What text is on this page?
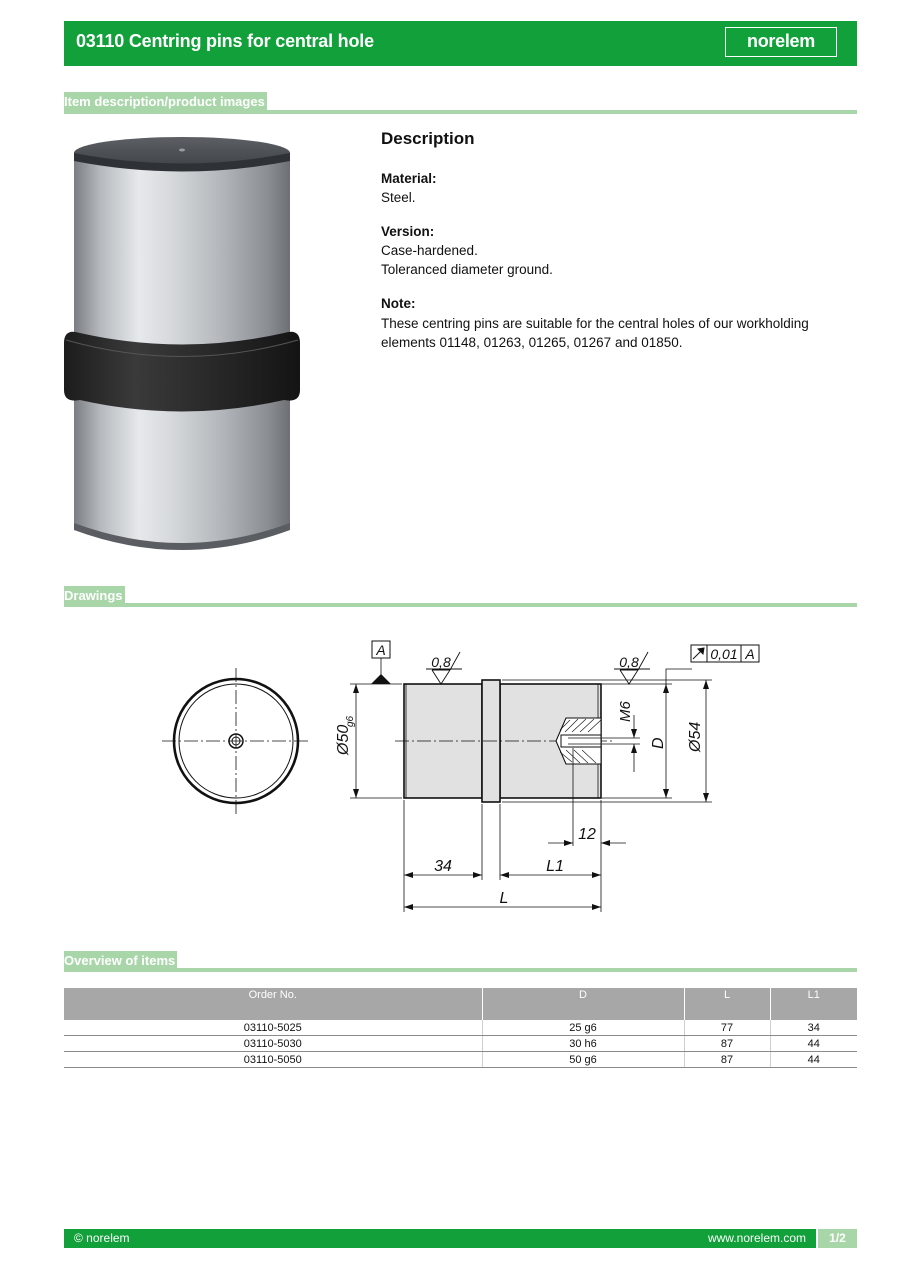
03110 Centring pins for central hole	norelem
Item description/product images
Description
Material:
Steel.
Version:
Case-hardened.
Toleranced diameter ground.
Note:
These centring pins are suitable for the central holes of our workholding elements 01148, 01263, 01265, 01267 and 01850.
Drawings
A
0,8	0,8	0,01 A
Ø50
g6	M6
D Ø54
12
34	L1
L
Overview of items
Order No.	D	L	L1
03110-5025	25 g6	77	34
03110-5030	30 h6	87	44
03110-5050	50 g6	87	44
© norelem	www.norelem.com	1/2
